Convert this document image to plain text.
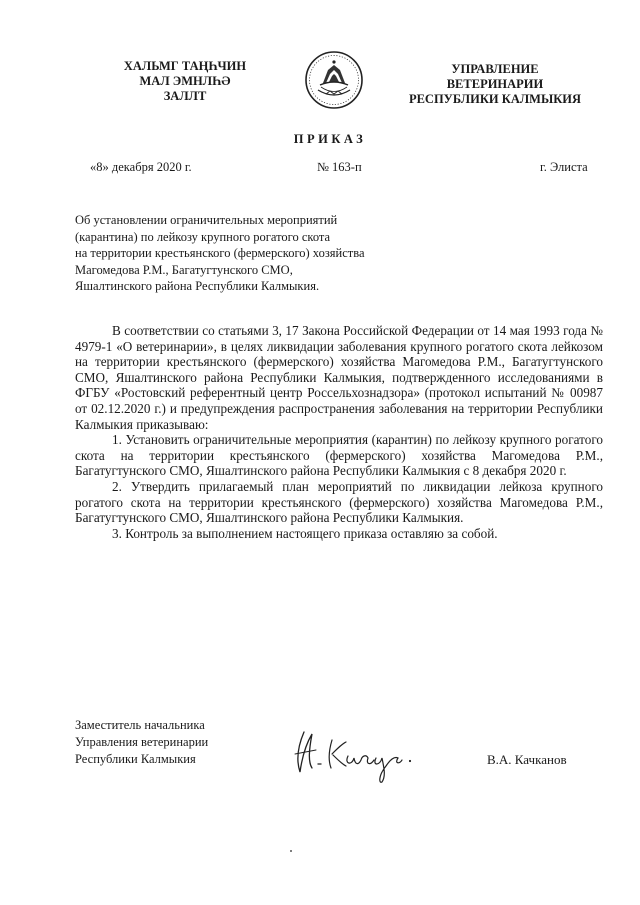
ХАЛЬМГ ТАҢҺЧИН
МАЛ ЭМНЛҺӘ
ЗАЛЛТ
УПРАВЛЕНИЕ
ВЕТЕРИНАРИИ
РЕСПУБЛИКИ КАЛМЫКИЯ
ПРИКАЗ
«8» декабря 2020 г.	№ 163-п	г. Элиста
Об установлении ограничительных мероприятий
(карантина) по лейкозу крупного рогатого скота
на территории крестьянского (фермерского) хозяйства
Магомедова Р.М., Багатугтунского СМО,
Яшалтинского района Республики Калмыкия.

В соответствии со статьями 3, 17 Закона Российской Федерации от 14 мая 1993 года № 4979-1 «О ветеринарии», в целях ликвидации заболевания крупного рогатого скота лейкозом на территории крестьянского (фермерского) хозяйства Магомедова Р.М., Багатугтунского СМО, Яшалтинского района Республики Калмыкия, подтвержденного исследованиями в ФГБУ «Ростовский референтный центр Россельхознадзора» (протокол испытаний № 00987 от 02.12.2020 г.) и предупреждения распространения заболевания на территории Республики Калмыкия приказываю:

1. Установить ограничительные мероприятия (карантин) по лейкозу крупного рогатого скота на территории крестьянского (фермерского) хозяйства Магомедова Р.М., Багатугтунского СМО, Яшалтинского района Республики Калмыкия с 8 декабря 2020 г.

2. Утвердить прилагаемый план мероприятий по ликвидации лейкоза крупного рогатого скота на территории крестьянского (фермерского) хозяйства Магомедова Р.М., Багатугтунского СМО, Яшалтинского района Республики Калмыкия.

3. Контроль за выполнением настоящего приказа оставляю за собой.

Заместитель начальника
Управления ветеринарии
Республики Калмыкия	В.А. Качканов
